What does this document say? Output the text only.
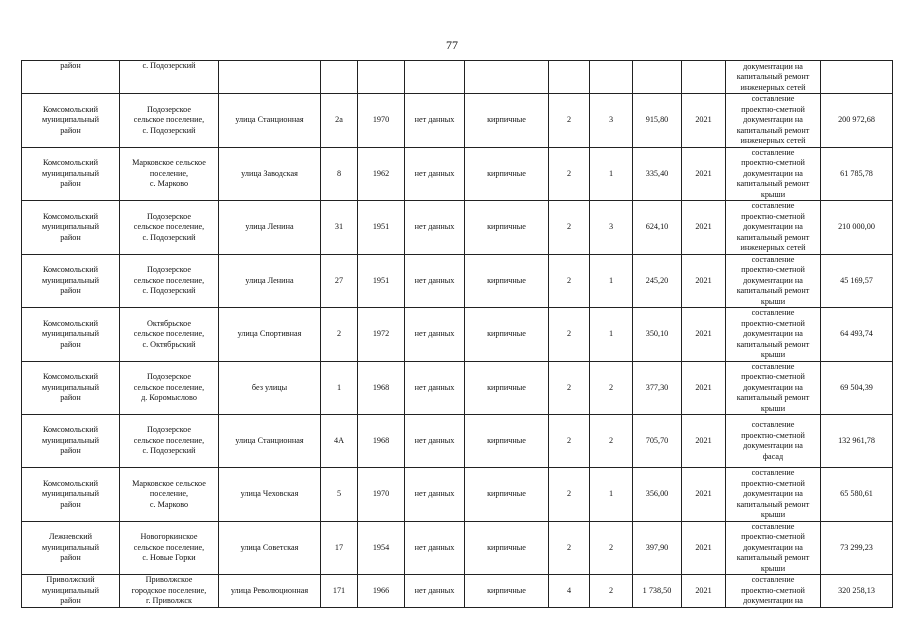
77
район	с. Подозерский										документации на
капитальный ремонт
инженерных сетей	

Комсомольский
муниципальный
район	Подозерское
сельское поселение,
с. Подозерский	улица Станционная	2а	1970	нет данных	кирпичные	2	3	915,80	2021	составление
проектно-сметной
документации на
капитальный ремонт
инженерных сетей	200 972,68

Комсомольский
муниципальный
район	Марковское сельское
поселение,
с. Марково	улица Заводская	8	1962	нет данных	кирпичные	2	1	335,40	2021	составление
проектно-сметной
документации на
капитальный ремонт
крыши	61 785,78

Комсомольский
муниципальный
район	Подозерское
сельское поселение,
с. Подозерский	улица Ленина	31	1951	нет данных	кирпичные	2	3	624,10	2021	составление
проектно-сметной
документации на
капитальный ремонт
инженерных сетей	210 000,00

Комсомольский
муниципальный
район	Подозерское
сельское поселение,
с. Подозерский	улица Ленина	27	1951	нет данных	кирпичные	2	1	245,20	2021	составление
проектно-сметной
документации на
капитальный ремонт
крыши	45 169,57

Комсомольский
муниципальный
район	Октябрьское
сельское поселение,
с. Октябрьский	улица Спортивная	2	1972	нет данных	кирпичные	2	1	350,10	2021	составление
проектно-сметной
документации на
капитальный ремонт
крыши	64 493,74

Комсомольский
муниципальный
район	Подозерское
сельское поселение,
д. Коромыслово	без улицы	1	1968	нет данных	кирпичные	2	2	377,30	2021	составление
проектно-сметной
документации на
капитальный ремонт
крыши	69 504,39

Комсомольский
муниципальный
район	Подозерское
сельское поселение,
с. Подозерский	улица Станционная	4А	1968	нет данных	кирпичные	2	2	705,70	2021	составление
проектно-сметной
документации на
фасад	132 961,78

Комсомольский
муниципальный
район	Марковское сельское
поселение,
с. Марково	улица Чеховская	5	1970	нет данных	кирпичные	2	1	356,00	2021	составление
проектно-сметной
документации на
капитальный ремонт
крыши	65 580,61

Лежневский
муниципальный
район	Новогоркинское
сельское поселение,
с. Новые Горки	улица Советская	17	1954	нет данных	кирпичные	2	2	397,90	2021	составление
проектно-сметной
документации на
капитальный ремонт
крыши	73 299,23

Приволжский
муниципальный
район	Приволжское
городское поселение,
г. Приволжск	улица Революционная	171	1966	нет данных	кирпичные	4	2	1 738,50	2021	составление
проектно-сметной
документации на	320 258,13
